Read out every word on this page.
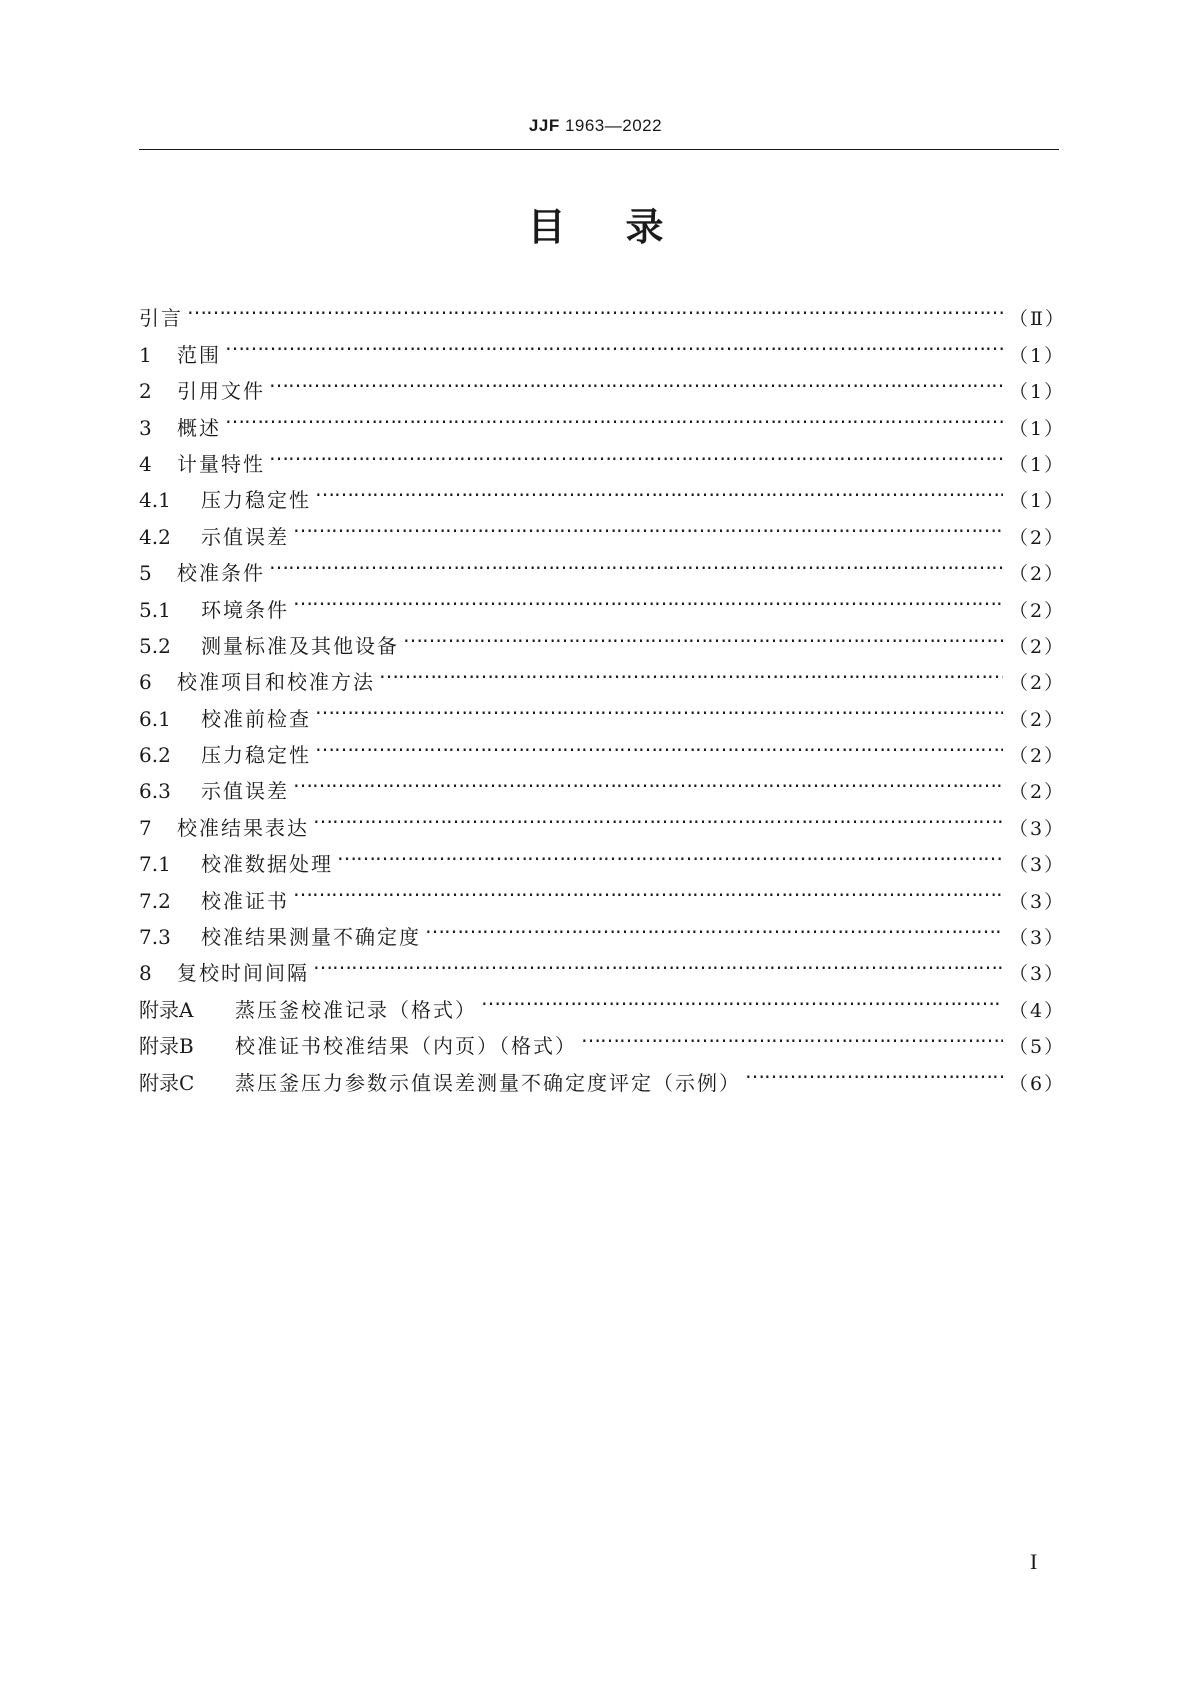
JJF 1963—2022
目录
引言 …………………………………………………………………………………………………………………………………………………………………………………………………………	（Ⅱ）
1	范围 …………………………………………………………………………………………………………………………………………………………………………………………………………	（1）
2	引用文件 …………………………………………………………………………………………………………………………………………………………………………………………………………	（1）
3	概述 …………………………………………………………………………………………………………………………………………………………………………………………………………	（1）
4	计量特性 …………………………………………………………………………………………………………………………………………………………………………………………………………	（1）
4.1	压力稳定性 …………………………………………………………………………………………………………………………………………………………………………………………………………	（1）
4.2	示值误差 …………………………………………………………………………………………………………………………………………………………………………………………………………	（2）
5	校准条件 …………………………………………………………………………………………………………………………………………………………………………………………………………	（2）
5.1	环境条件 …………………………………………………………………………………………………………………………………………………………………………………………………………	（2）
5.2	测量标准及其他设备 …………………………………………………………………………………………………………………………………………………………………………………………………………	（2）
6	校准项目和校准方法 …………………………………………………………………………………………………………………………………………………………………………………………………………	（2）
6.1	校准前检查 …………………………………………………………………………………………………………………………………………………………………………………………………………	（2）
6.2	压力稳定性 …………………………………………………………………………………………………………………………………………………………………………………………………………	（2）
6.3	示值误差 …………………………………………………………………………………………………………………………………………………………………………………………………………	（2）
7	校准结果表达 …………………………………………………………………………………………………………………………………………………………………………………………………………	（3）
7.1	校准数据处理 …………………………………………………………………………………………………………………………………………………………………………………………………………	（3）
7.2	校准证书 …………………………………………………………………………………………………………………………………………………………………………………………………………	（3）
7.3	校准结果测量不确定度 …………………………………………………………………………………………………………………………………………………………………………………………………………	（3）
8	复校时间间隔 …………………………………………………………………………………………………………………………………………………………………………………………………………	（3）
附录A	蒸压釜校准记录（格式） …………………………………………………………………………………………………………………………………………………………………………………………………………	（4）
附录B	校准证书校准结果（内页）（格式） …………………………………………………………………………………………………………………………………………………………………………………………………………	（5）
附录C	蒸压釜压力参数示值误差测量不确定度评定（示例） …………………………………………………………………………………………………………………………………………………………………………………………………………	（6）
I
